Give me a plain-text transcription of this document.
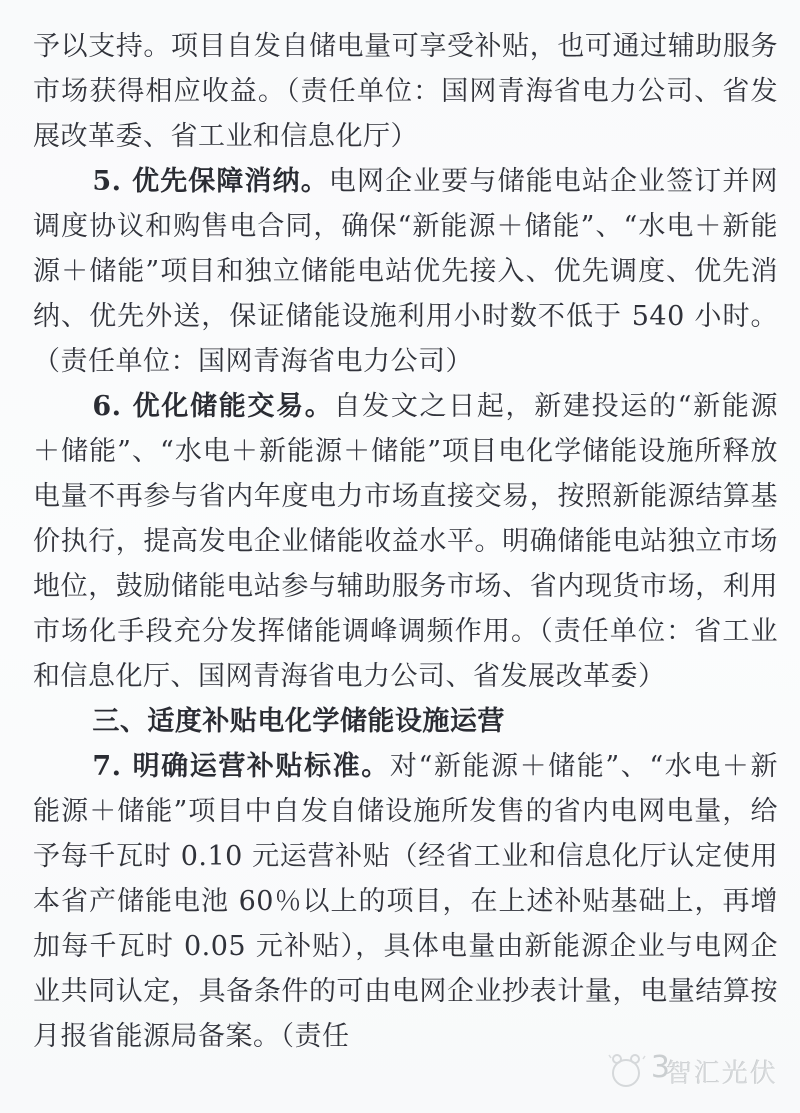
予以支持。项目自发自储电量可享受补贴，也可通过辅助服务市场获得相应收益。（责任单位：国网青海省电力公司、省发展改革委、省工业和信息化厅）

5. 优先保障消纳。电网企业要与储能电站企业签订并网调度协议和购售电合同，确保“新能源＋储能”、“水电＋新能源＋储能”项目和独立储能电站优先接入、优先调度、优先消纳、优先外送，保证储能设施利用小时数不低于 540 小时。（责任单位：国网青海省电力公司）

6. 优化储能交易。自发文之日起，新建投运的“新能源＋储能”、“水电＋新能源＋储能”项目电化学储能设施所释放电量不再参与省内年度电力市场直接交易，按照新能源结算基价执行，提高发电企业储能收益水平。明确储能电站独立市场地位，鼓励储能电站参与辅助服务市场、省内现货市场，利用市场化手段充分发挥储能调峰调频作用。（责任单位：省工业和信息化厅、国网青海省电力公司、省发展改革委）

三、适度补贴电化学储能设施运营

7. 明确运营补贴标准。对“新能源＋储能”、“水电＋新能源＋储能”项目中自发自储设施所发售的省内电网电量，给予每千瓦时 0.10 元运营补贴（经省工业和信息化厅认定使用本省产储能电池 60％以上的项目，在上述补贴基础上，再增加每千瓦时 0.05 元补贴），具体电量由新能源企业与电网企业共同认定，具备条件的可由电网企业抄表计量，电量结算按月报省能源局备案。（责任

3
智汇光伏
